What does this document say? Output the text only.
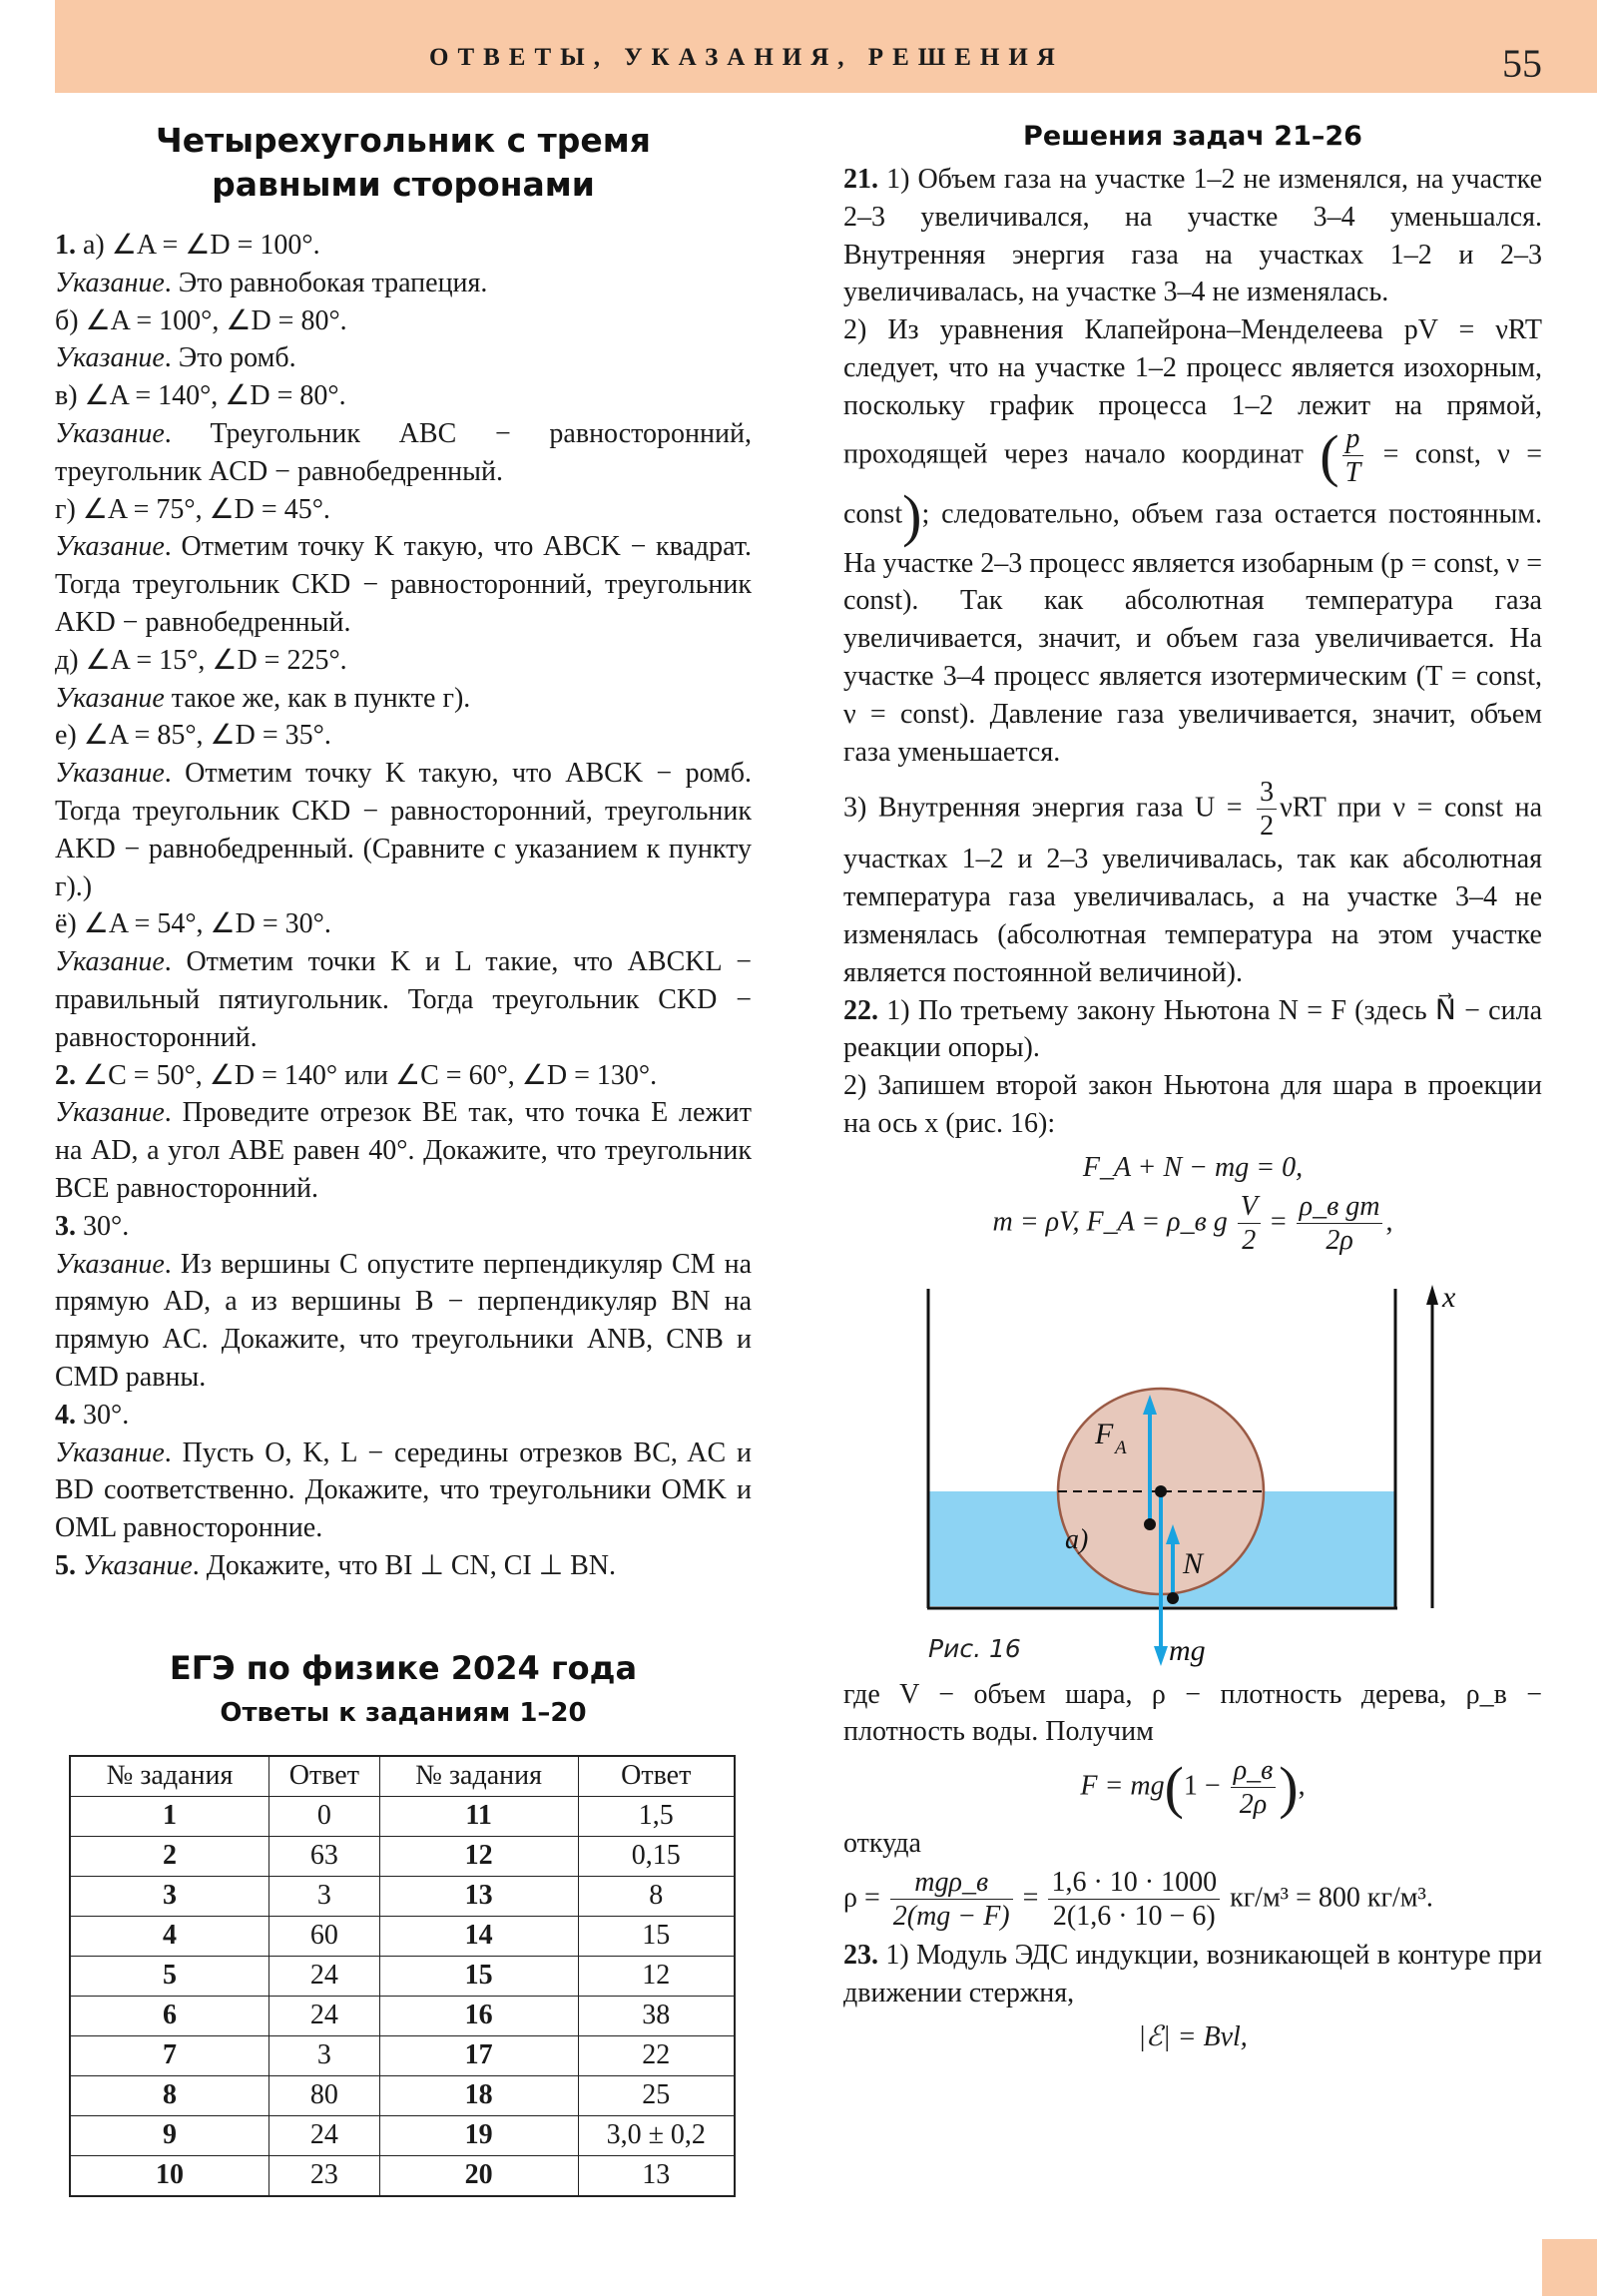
ОТВЕТЫ, УКАЗАНИЯ, РЕШЕНИЯ	55
Четырехугольник с тремя
равными сторонами

1. а) ∠A = ∠D = 100°.

Указание. Это равнобокая трапеция.

б) ∠A = 100°, ∠D = 80°.

Указание. Это ромб.

в) ∠A = 140°, ∠D = 80°.

Указание. Треугольник ABC − равносторонний, треугольник ACD − равнобедренный.

г) ∠A = 75°, ∠D = 45°.

Указание. Отметим точку K такую, что ABCK − квадрат. Тогда треугольник CKD − равносторонний, треугольник AKD − равнобедренный.

д) ∠A = 15°, ∠D = 225°.

Указание такое же, как в пункте г).

е) ∠A = 85°, ∠D = 35°.

Указание. Отметим точку K такую, что ABCK − ромб. Тогда треугольник CKD − равносторонний, треугольник AKD − равнобедренный. (Сравните с указанием к пункту г).)

ё) ∠A = 54°, ∠D = 30°.

Указание. Отметим точки K и L такие, что ABCKL − правильный пятиугольник. Тогда треугольник CKD − равносторонний.

2. ∠C = 50°, ∠D = 140° или ∠C = 60°, ∠D = 130°.

Указание. Проведите отрезок BE так, что точка E лежит на AD, а угол ABE равен 40°. Докажите, что треугольник BCE равносторонний.

3. 30°.

Указание. Из вершины C опустите перпендикуляр CM на прямую AD, а из вершины B − перпендикуляр BN на прямую AC. Докажите, что треугольники ANB, CNB и CMD равны.

4. 30°.

Указание. Пусть O, K, L − середины отрезков BC, AC и BD соответственно. Докажите, что треугольники OMK и OML равносторонние.

5. Указание. Докажите, что BI ⊥ CN, CI ⊥ BN.

ЕГЭ по физике 2024 года
Ответы к заданиям 1–20
№ задания	Ответ	№ задания	Ответ
1	0	11	1,5
2	63	12	0,15
3	3	13	8
4	60	14	15
5	24	15	12
6	24	16	38
7	3	17	22
8	80	18	25
9	24	19	3,0 ± 0,2
10	23	20	13
Решения задач 21–26

21. 1) Объем газа на участке 1–2 не изменялся, на участке 2–3 увеличивался, на участке 3–4 уменьшался. Внутренняя энергия газа на участках 1–2 и 2–3 увеличивалась, на участке 3–4 не изменялась.

2) Из уравнения Клапейрона–Менделеева pV = νRT следует, что на участке 1–2 процесс является изохорным, поскольку график процесса 1–2 лежит на прямой, проходящей через начало координат ( $\frac{p}{T}$ = const, ν = const); следовательно, объем газа остается постоянным. На участке 2–3 процесс является изобарным (p = const, ν = const). Так как абсолютная температура газа увеличивается, значит, и объем газа увеличивается. На участке 3–4 процесс является изотермическим (T = const, ν = const). Давление газа увеличивается, значит, объем газа уменьшается.

3) Внутренняя энергия газа $U = \frac{3}{2}$ νRT при ν = const на участках 1–2 и 2–3 увеличивалась, так как абсолютная температура газа увеличивалась, а на участке 3–4 не изменялась (абсолютная температура на этом участке является постоянной величиной).

22. 1) По третьему закону Ньютона N = F (здесь N⃗ − сила реакции опоры).

2) Запишем второй закон Ньютона для шара в проекции на ось x (рис. 16):

F_A + N − mg = 0,
m = ρV, F_A = ρ_в g $\frac{V}{2} = \frac{\text{ρ\_в gm}}{2\rho}$ ,
F A
N
mg
a)
x
Рис. 16

где V − объем шара, ρ − плотность дерева, ρ_в − плотность воды. Получим

$F = mg(1 - \frac{\rho\_в}{2\rho}$ ),

откуда

$\rho = \frac{\text{mgρ\_в}}{2(mg - F)} = \frac{1,6 \cdot 10 \cdot 1000}{2(1,6 \cdot 10 - 6)} кг/м^3 = 800$ кг/м³.

23. 1) Модуль ЭДС индукции, возникающей в контуре при движении стержня,

|ℰ| = Bvl,
